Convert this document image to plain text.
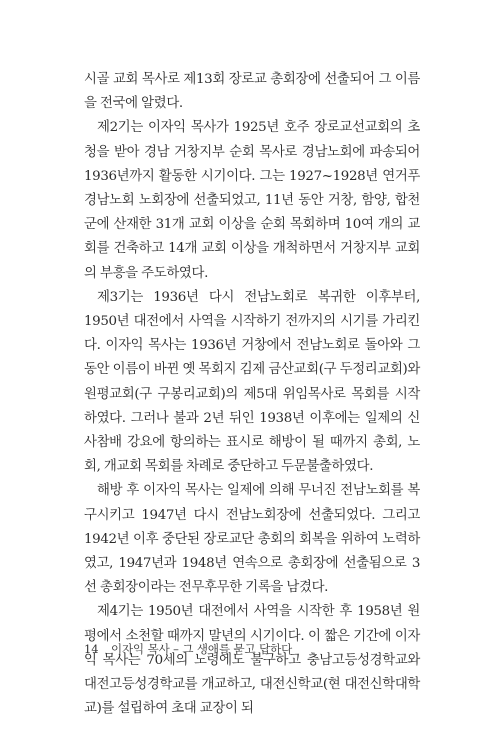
시골 교회 목사로 제13회 장로교 총회장에 선출되어 그 이름을 전국에 알렸다.

제2기는 이자익 목사가 1925년 호주 장로교선교회의 초청을 받아 경남 거창지부 순회 목사로 경남노회에 파송되어 1936년까지 활동한 시기이다. 그는 1927~1928년 연거푸 경남노회 노회장에 선출되었고, 11년 동안 거창, 함양, 합천군에 산재한 31개 교회 이상을 순회 목회하며 10여 개의 교회를 건축하고 14개 교회 이상을 개척하면서 거창지부 교회의 부흥을 주도하였다.

제3기는 1936년 다시 전남노회로 복귀한 이후부터, 1950년 대전에서 사역을 시작하기 전까지의 시기를 가리킨다. 이자익 목사는 1936년 거창에서 전남노회로 돌아와 그동안 이름이 바뀐 옛 목회지 김제 금산교회(구 두정리교회)와 원평교회(구 구봉리교회)의 제5대 위임목사로 목회를 시작하였다. 그러나 불과 2년 뒤인 1938년 이후에는 일제의 신사참배 강요에 항의하는 표시로 해방이 될 때까지 총회, 노회, 개교회 목회를 차례로 중단하고 두문불출하였다.

해방 후 이자익 목사는 일제에 의해 무너진 전남노회를 복구시키고 1947년 다시 전남노회장에 선출되었다. 그리고 1942년 이후 중단된 장로교단 총회의 회복을 위하여 노력하였고, 1947년과 1948년 연속으로 총회장에 선출됨으로 3선 총회장이라는 전무후무한 기록을 남겼다.

제4기는 1950년 대전에서 사역을 시작한 후 1958년 원평에서 소천할 때까지 말년의 시기이다. 이 짧은 기간에 이자익 목사는 70세의 노령에도 불구하고 충남고등성경학교와 대전고등성경학교를 개교하고, 대전신학교(현 대전신학대학교)를 설립하여 초대 교장이 되

14 이자익 목사 – 그 생애를 묻고 답하다
